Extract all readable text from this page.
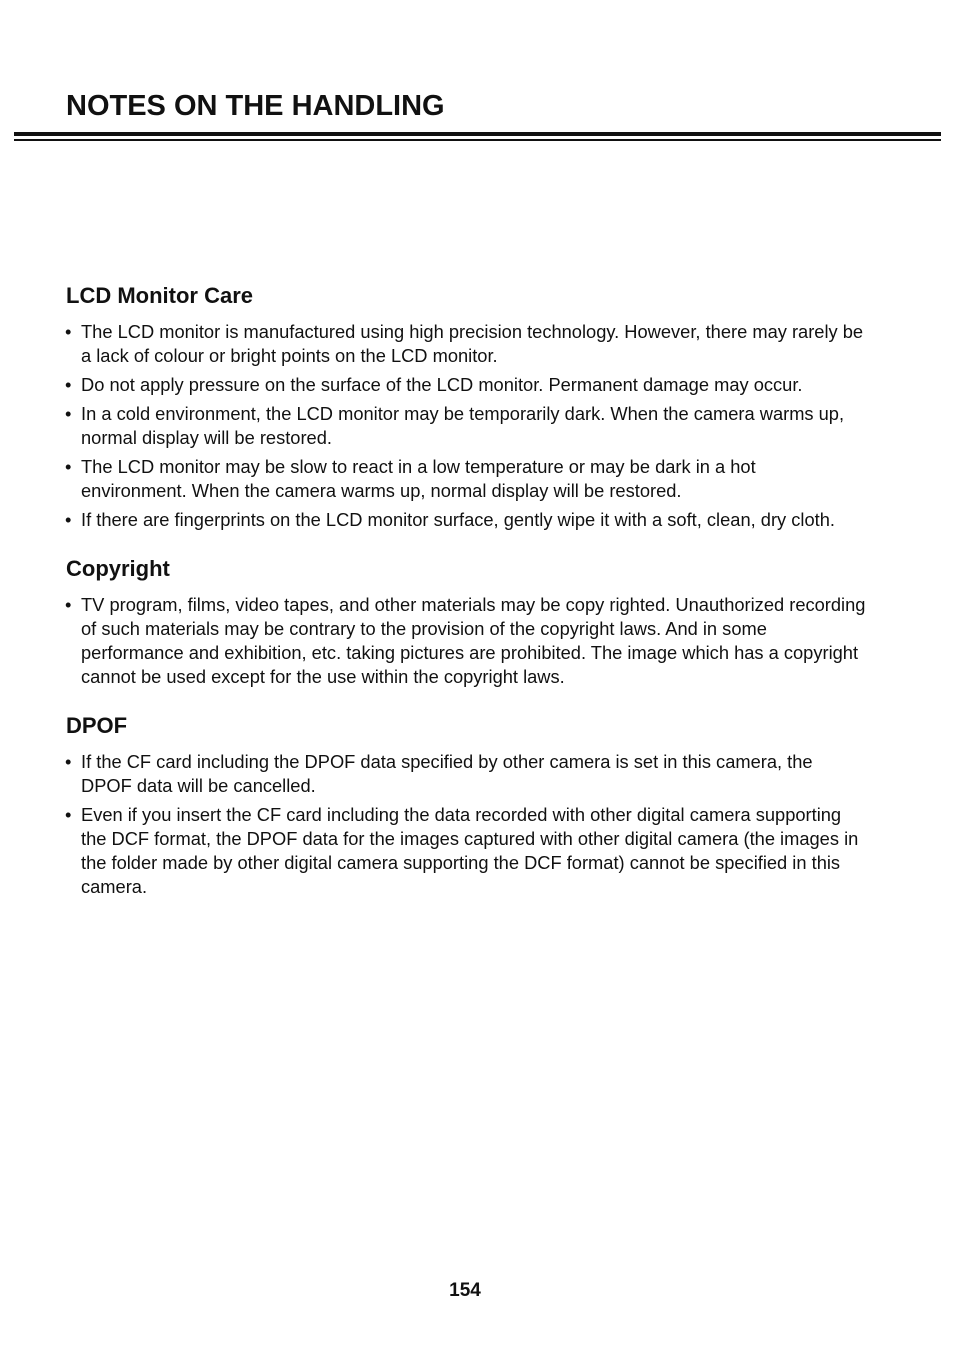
NOTES ON THE HANDLING
LCD Monitor Care
• The LCD monitor is manufactured using high precision technology. However, there may rarely be a lack of colour or bright points on the LCD monitor.
• Do not apply pressure on the surface of the LCD monitor. Permanent damage may occur.
• In a cold environment, the LCD monitor may be temporarily dark. When the camera warms up, normal display will be restored.
• The LCD monitor may be slow to react in a low temperature or may be dark in a hot environment. When the camera warms up, normal display will be restored.
• If there are fingerprints on the LCD monitor surface, gently wipe it with a soft, clean, dry cloth.
Copyright
• TV program, films, video tapes, and other materials may be copy righted. Unauthorized recording of such materials may be contrary to the provision of the copyright laws. And in some performance and exhibition, etc. taking pictures are prohibited. The image which has a copyright cannot be used except for the use within the copyright laws.
DPOF
• If the CF card including the DPOF data specified by other camera is set in this camera, the DPOF data will be cancelled.
• Even if you insert the CF card including the data recorded with other digital camera supporting the DCF format, the DPOF data for the images captured with other digital camera (the images in the folder made by other digital camera supporting the DCF format) cannot be specified in this camera.
154
